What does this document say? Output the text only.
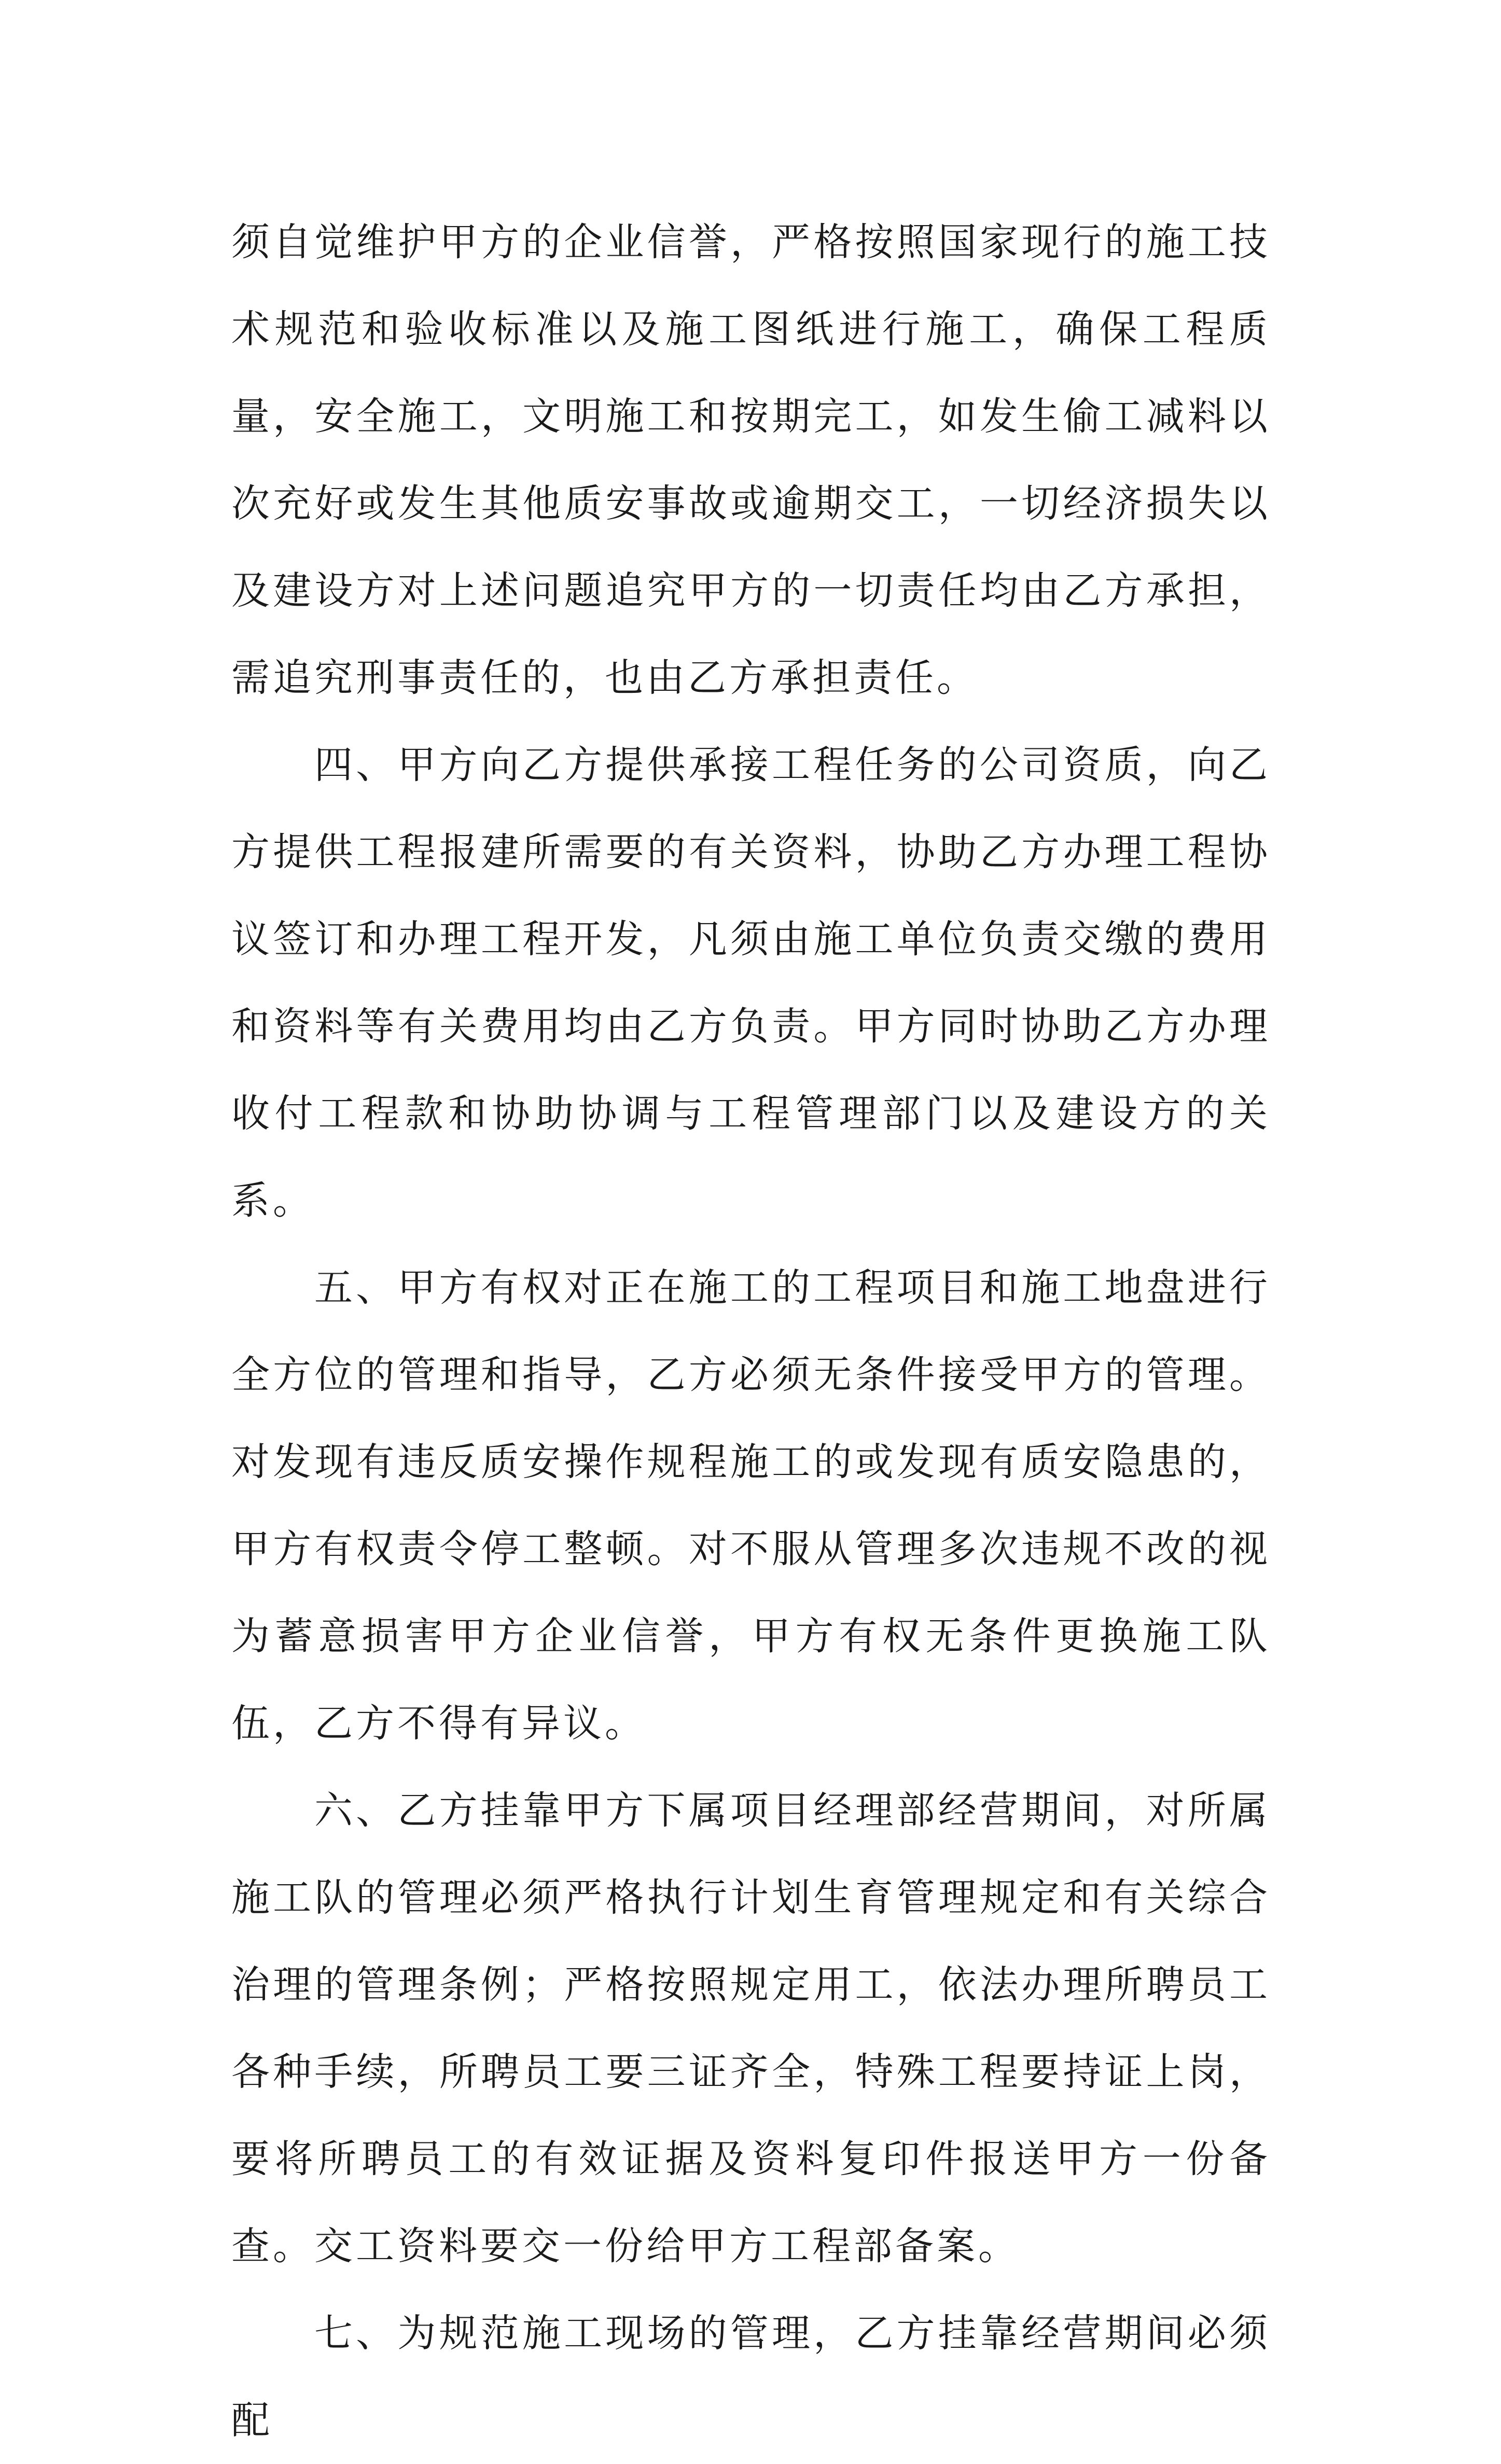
须自觉维护甲方的企业信誉，严格按照国家现行的施工技术规范和验收标准以及施工图纸进行施工，确保工程质量，安全施工，文明施工和按期完工，如发生偷工减料以次充好或发生其他质安事故或逾期交工，一切经济损失以及建设方对上述问题追究甲方的一切责任均由乙方承担，需追究刑事责任的，也由乙方承担责任。

四、甲方向乙方提供承接工程任务的公司资质，向乙方提供工程报建所需要的有关资料，协助乙方办理工程协议签订和办理工程开发，凡须由施工单位负责交缴的费用和资料等有关费用均由乙方负责。甲方同时协助乙方办理收付工程款和协助协调与工程管理部门以及建设方的关系。

五、甲方有权对正在施工的工程项目和施工地盘进行全方位的管理和指导，乙方必须无条件接受甲方的管理。对发现有违反质安操作规程施工的或发现有质安隐患的，甲方有权责令停工整顿。对不服从管理多次违规不改的视为蓄意损害甲方企业信誉，甲方有权无条件更换施工队伍，乙方不得有异议。

六、乙方挂靠甲方下属项目经理部经营期间，对所属施工队的管理必须严格执行计划生育管理规定和有关综合治理的管理条例；严格按照规定用工，依法办理所聘员工各种手续，所聘员工要三证齐全，特殊工程要持证上岗，要将所聘员工的有效证据及资料复印件报送甲方一份备查。交工资料要交一份给甲方工程部备案。

七、为规范施工现场的管理，乙方挂靠经营期间必须配
